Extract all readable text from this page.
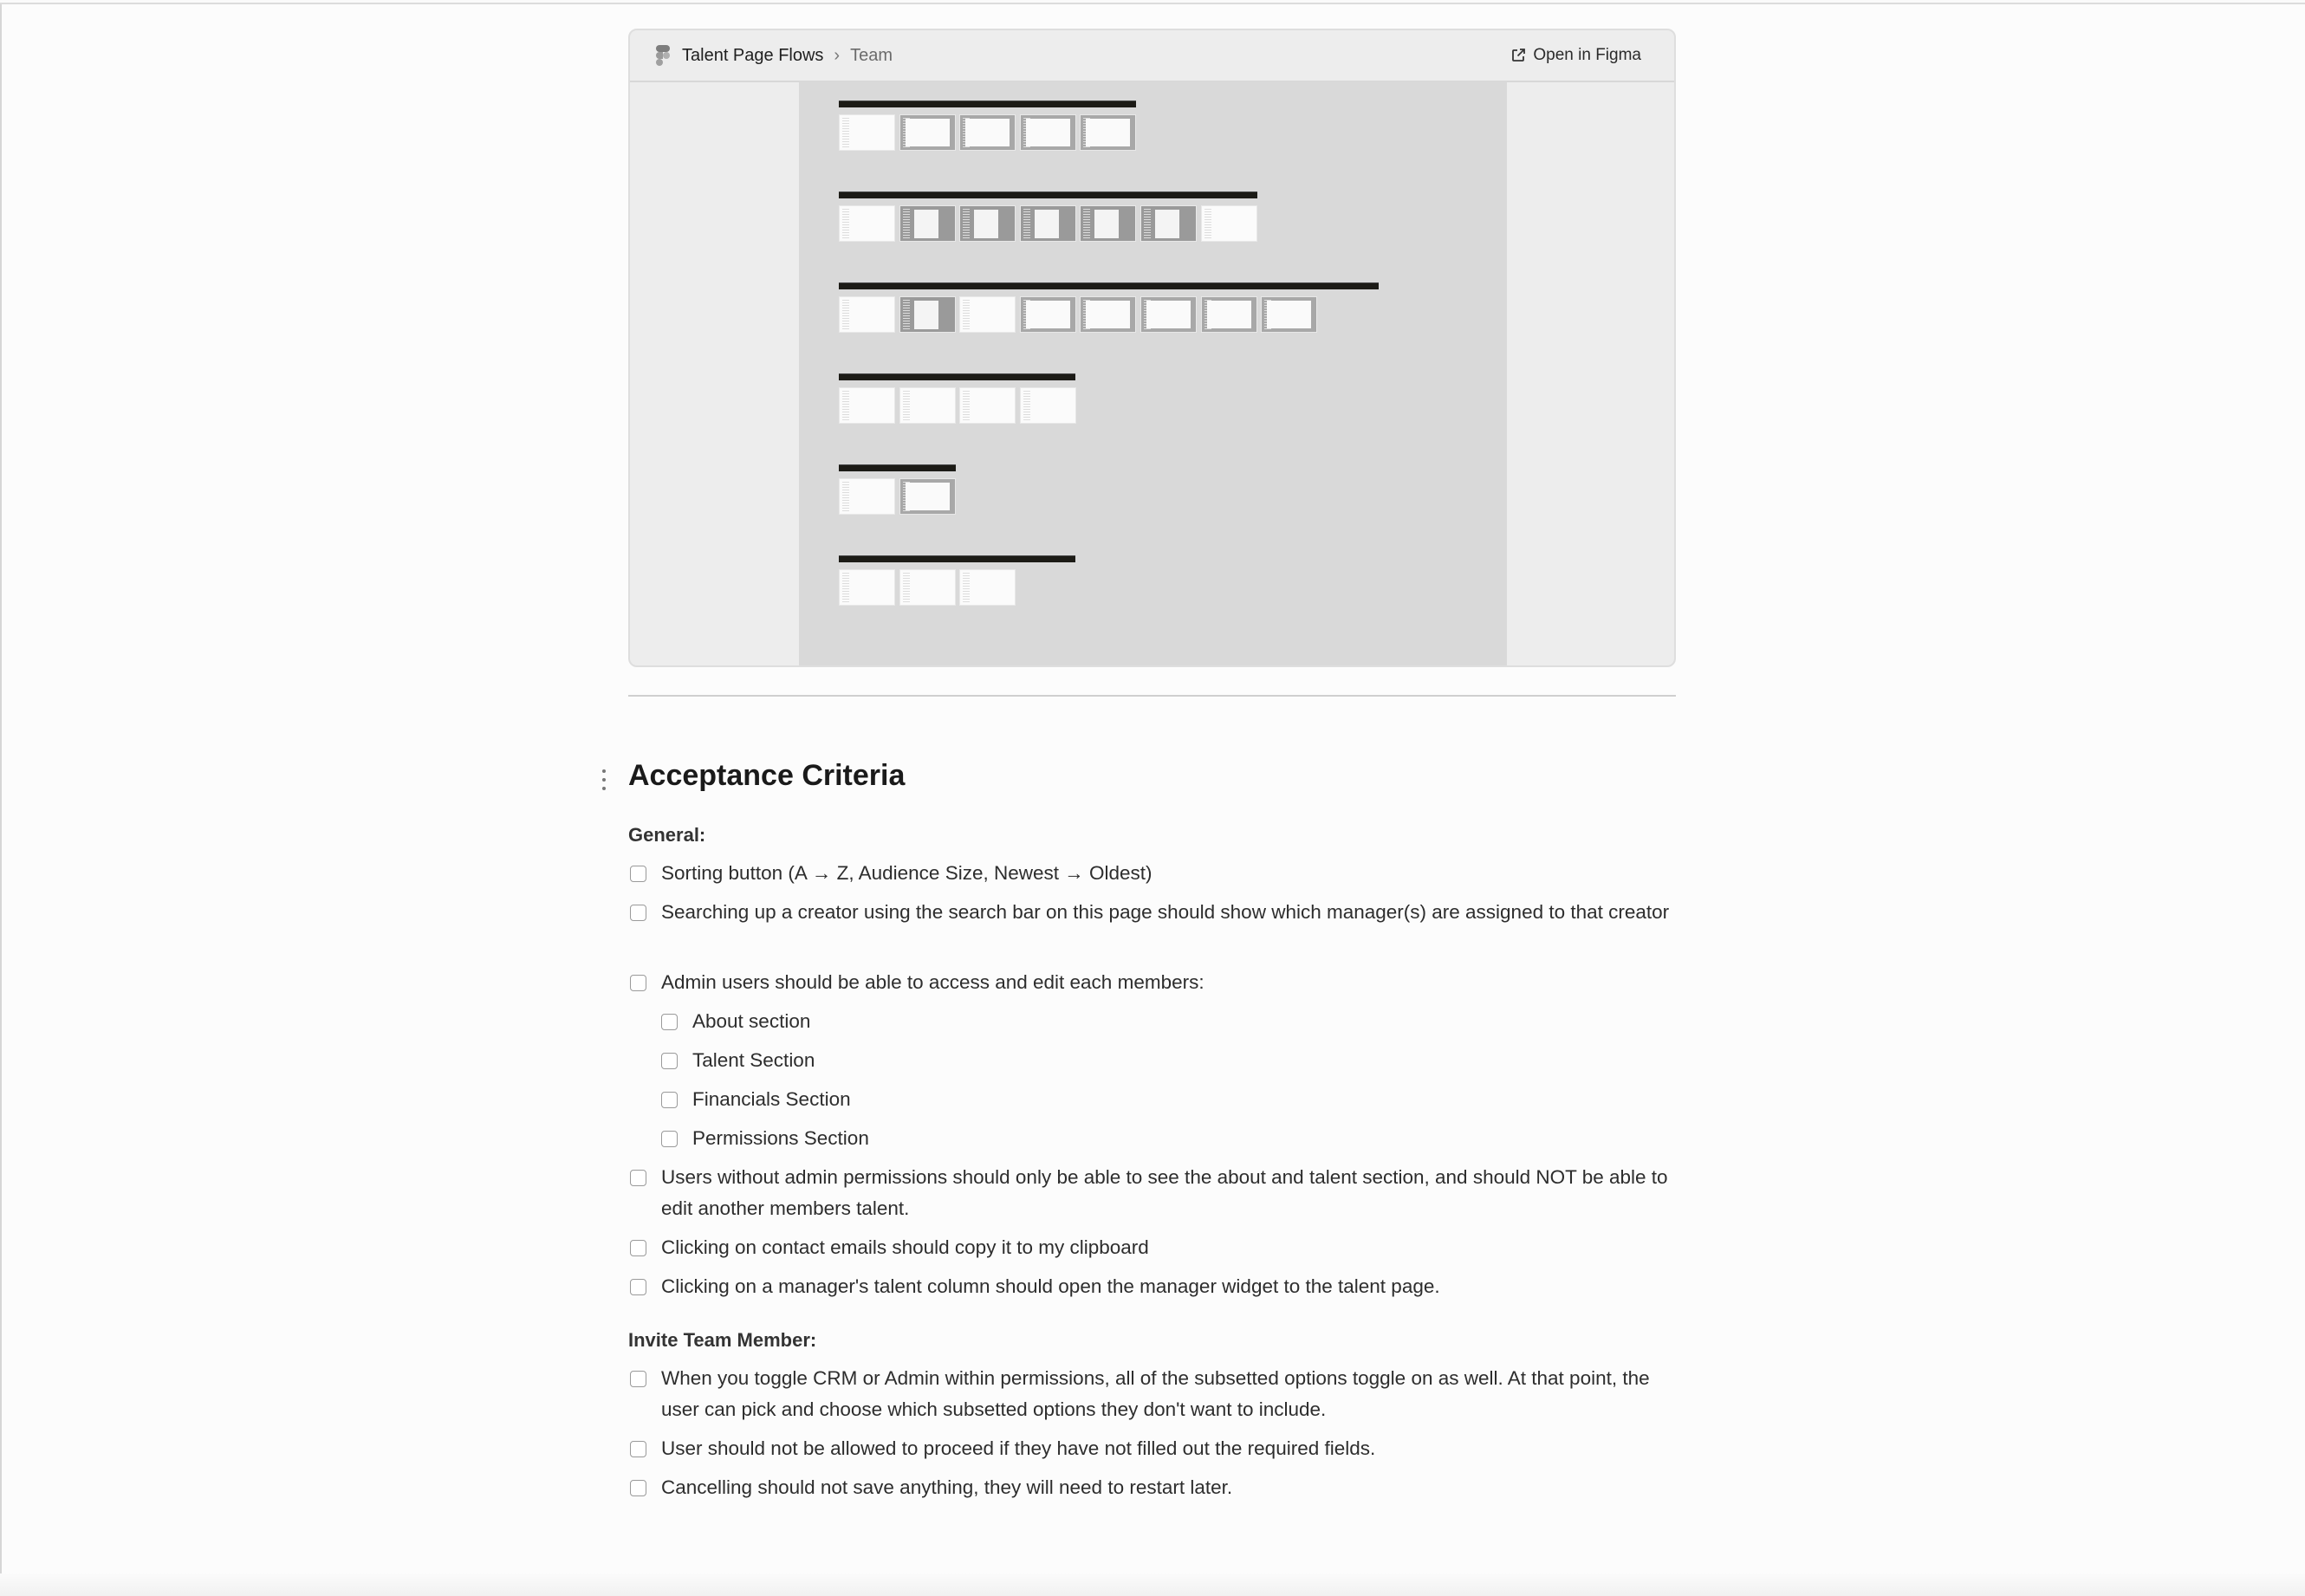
Talent Page Flows › Team	Open in Figma
Acceptance Criteria
General:
Sorting button (A → Z, Audience Size, Newest → Oldest)
Searching up a creator using the search bar on this page should show which manager(s) are assigned to that creator
Admin users should be able to access and edit each members:
About section
Talent Section
Financials Section
Permissions Section
Users without admin permissions should only be able to see the about and talent section, and should NOT be able to edit another members talent.
Clicking on contact emails should copy it to my clipboard
Clicking on a manager's talent column should open the manager widget to the talent page.
Invite Team Member:
When you toggle CRM or Admin within permissions, all of the subsetted options toggle on as well. At that point, the user can pick and choose which subsetted options they don't want to include.
User should not be allowed to proceed if they have not filled out the required fields.
Cancelling should not save anything, they will need to restart later.
